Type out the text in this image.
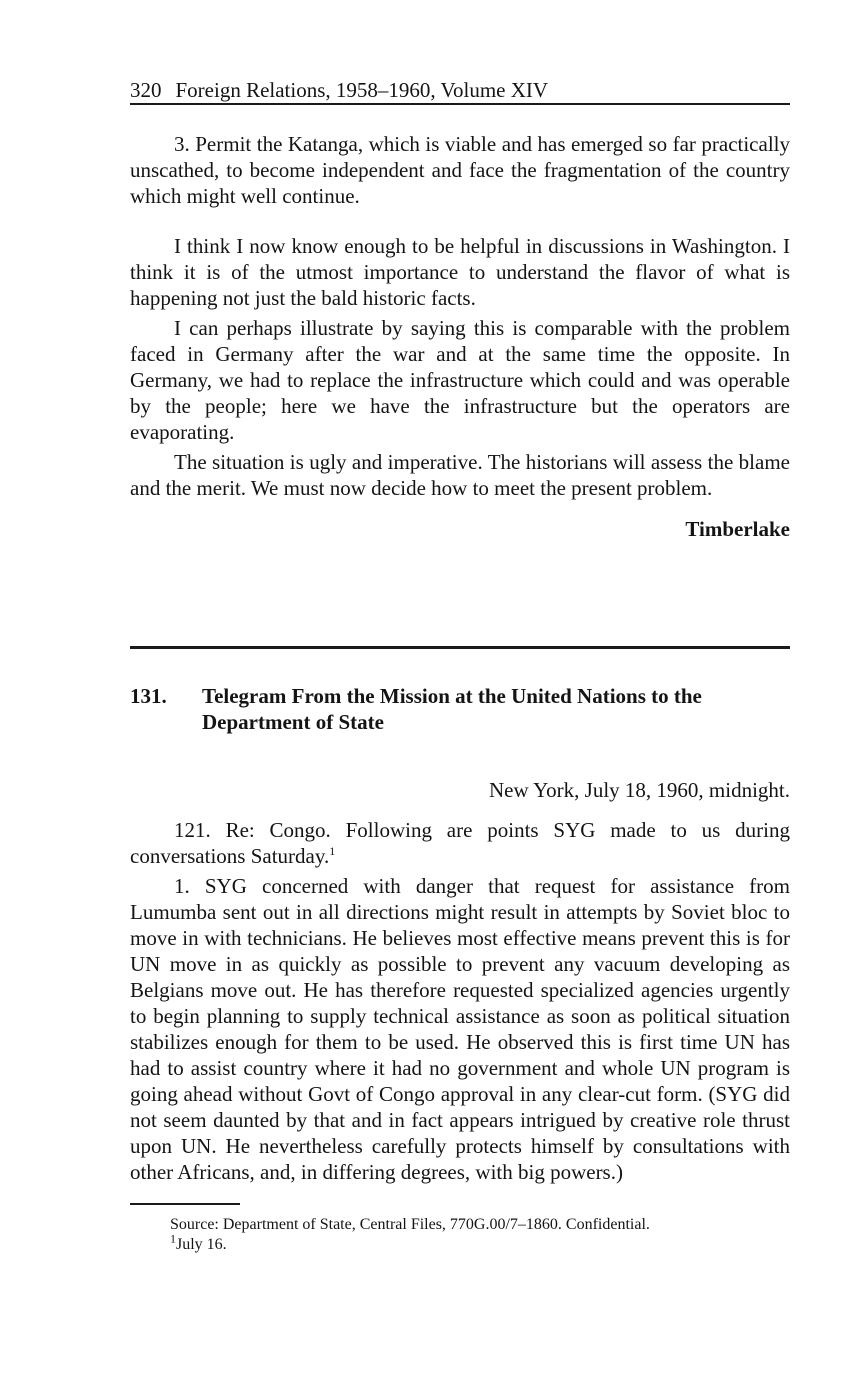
320 Foreign Relations, 1958–1960, Volume XIV

3. Permit the Katanga, which is viable and has emerged so far practically unscathed, to become independent and face the fragmentation of the country which might well continue.

I think I now know enough to be helpful in discussions in Washington. I think it is of the utmost importance to understand the flavor of what is happening not just the bald historic facts.

I can perhaps illustrate by saying this is comparable with the problem faced in Germany after the war and at the same time the opposite. In Germany, we had to replace the infrastructure which could and was operable by the people; here we have the infrastructure but the operators are evaporating.

The situation is ugly and imperative. The historians will assess the blame and the merit. We must now decide how to meet the present problem.

Timberlake
131.	Telegram From the Mission at the United Nations to the Department of State
New York, July 18, 1960, midnight.

121. Re: Congo. Following are points SYG made to us during conversations Saturday.$^1$

1. SYG concerned with danger that request for assistance from Lumumba sent out in all directions might result in attempts by Soviet bloc to move in with technicians. He believes most effective means prevent this is for UN move in as quickly as possible to prevent any vacuum developing as Belgians move out. He has therefore requested specialized agencies urgently to begin planning to supply technical assistance as soon as political situation stabilizes enough for them to be used. He observed this is first time UN has had to assist country where it had no government and whole UN program is going ahead without Govt of Congo approval in any clear-cut form. (SYG did not seem daunted by that and in fact appears intrigued by creative role thrust upon UN. He nevertheless carefully protects himself by consultations with other Africans, and, in differing degrees, with big powers.)

Source: Department of State, Central Files, 770G.00/7–1860. Confidential.
$^1$July 16.
